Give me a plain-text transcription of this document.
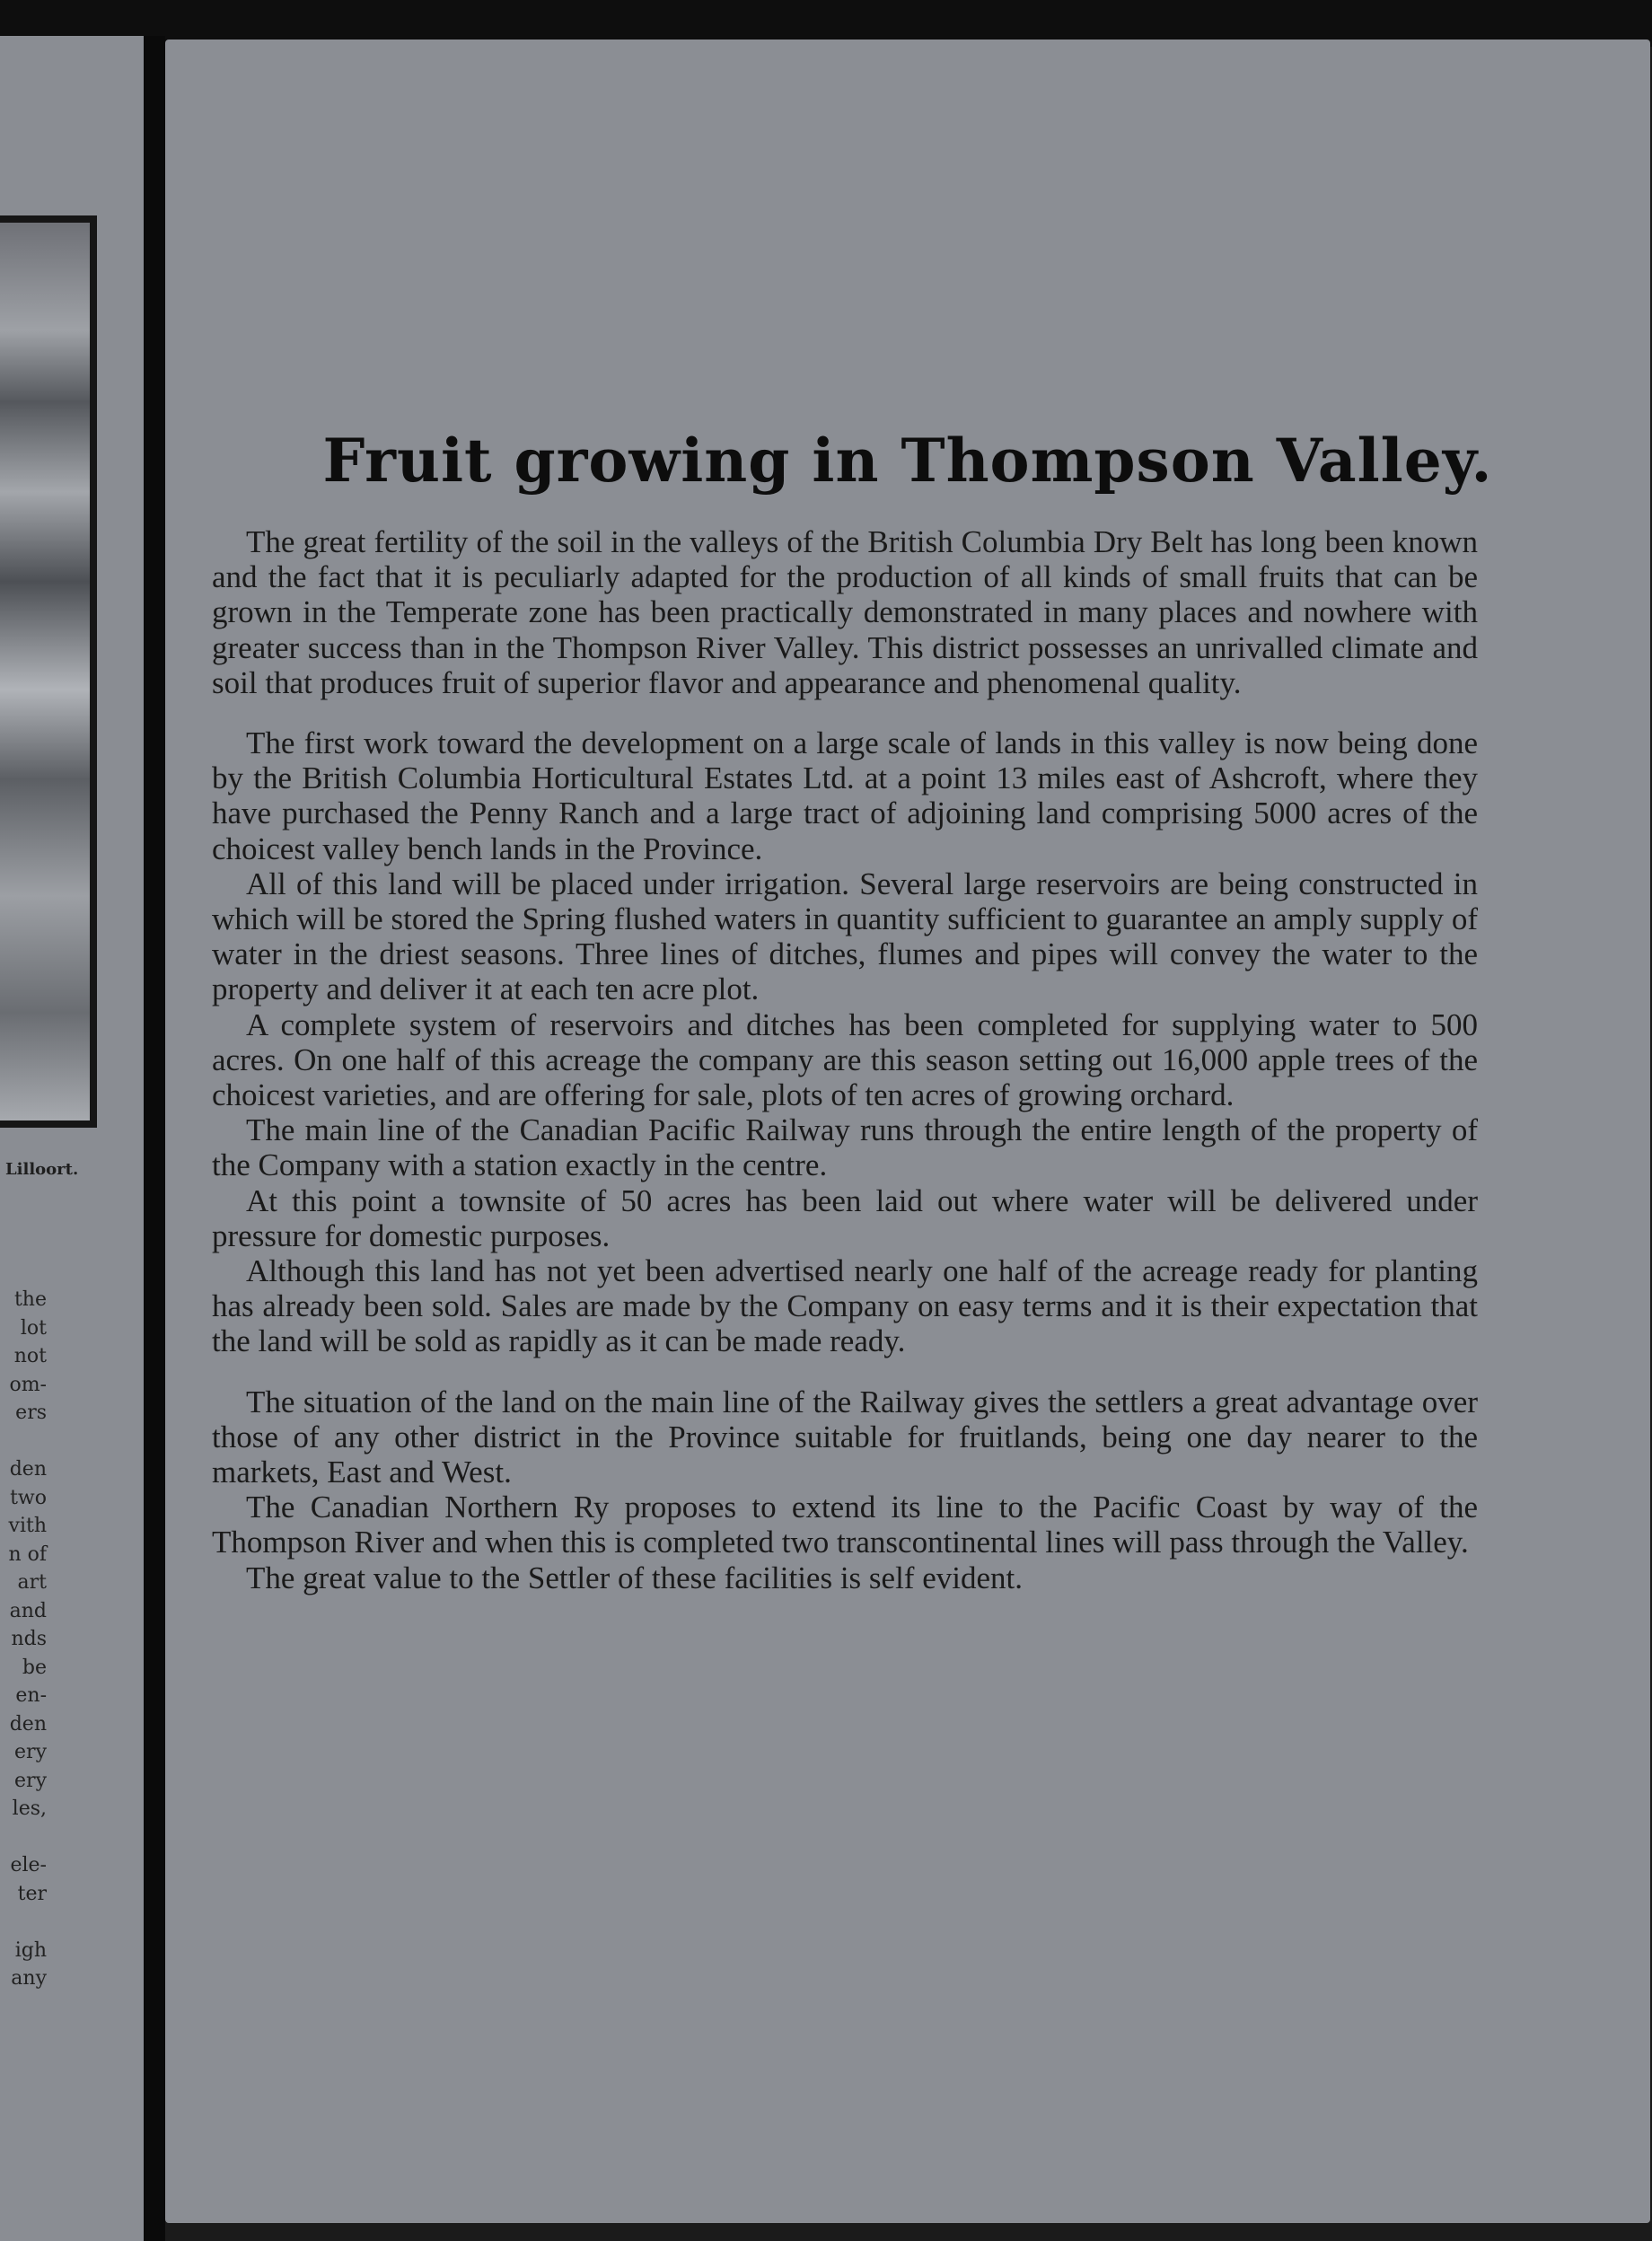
Lilloort.
the
lot
not
om-
ers
den
two
vith
n of
art
and
nds
be
en-
den
ery
ery
les,
ele-
ter
igh
any
Fruit growing in Thompson Valley.

The great fertility of the soil in the valleys of the British Columbia Dry Belt has long been known and the fact that it is peculiarly adapted for the production of all kinds of small fruits that can be grown in the Temperate zone has been practically demonstrated in many places and nowhere with greater success than in the Thompson River Valley. This district possesses an unrivalled climate and soil that produces fruit of superior flavor and appearance and phenomenal quality.

The first work toward the development on a large scale of lands in this valley is now being done by the British Columbia Horticultural Estates Ltd. at a point 13 miles east of Ashcroft, where they have purchased the Penny Ranch and a large tract of adjoining land comprising 5000 acres of the choicest valley bench lands in the Province.

All of this land will be placed under irrigation. Several large reservoirs are being constructed in which will be stored the Spring flushed waters in quantity sufficient to guarantee an amply supply of water in the driest seasons. Three lines of ditches, flumes and pipes will convey the water to the property and deliver it at each ten acre plot.

A complete system of reservoirs and ditches has been completed for supplying water to 500 acres. On one half of this acreage the company are this season setting out 16,000 apple trees of the choicest varieties, and are offering for sale, plots of ten acres of growing orchard.

The main line of the Canadian Pacific Railway runs through the entire length of the property of the Company with a station exactly in the centre.

At this point a townsite of 50 acres has been laid out where water will be delivered under pressure for domestic purposes.

Although this land has not yet been advertised nearly one half of the acreage ready for planting has already been sold. Sales are made by the Company on easy terms and it is their expectation that the land will be sold as rapidly as it can be made ready.

The situation of the land on the main line of the Railway gives the settlers a great advantage over those of any other district in the Province suitable for fruitlands, being one day nearer to the markets, East and West.

The Canadian Northern Ry proposes to extend its line to the Pacific Coast by way of the Thompson River and when this is completed two transcontinental lines will pass through the Valley.

The great value to the Settler of these facilities is self evident.
